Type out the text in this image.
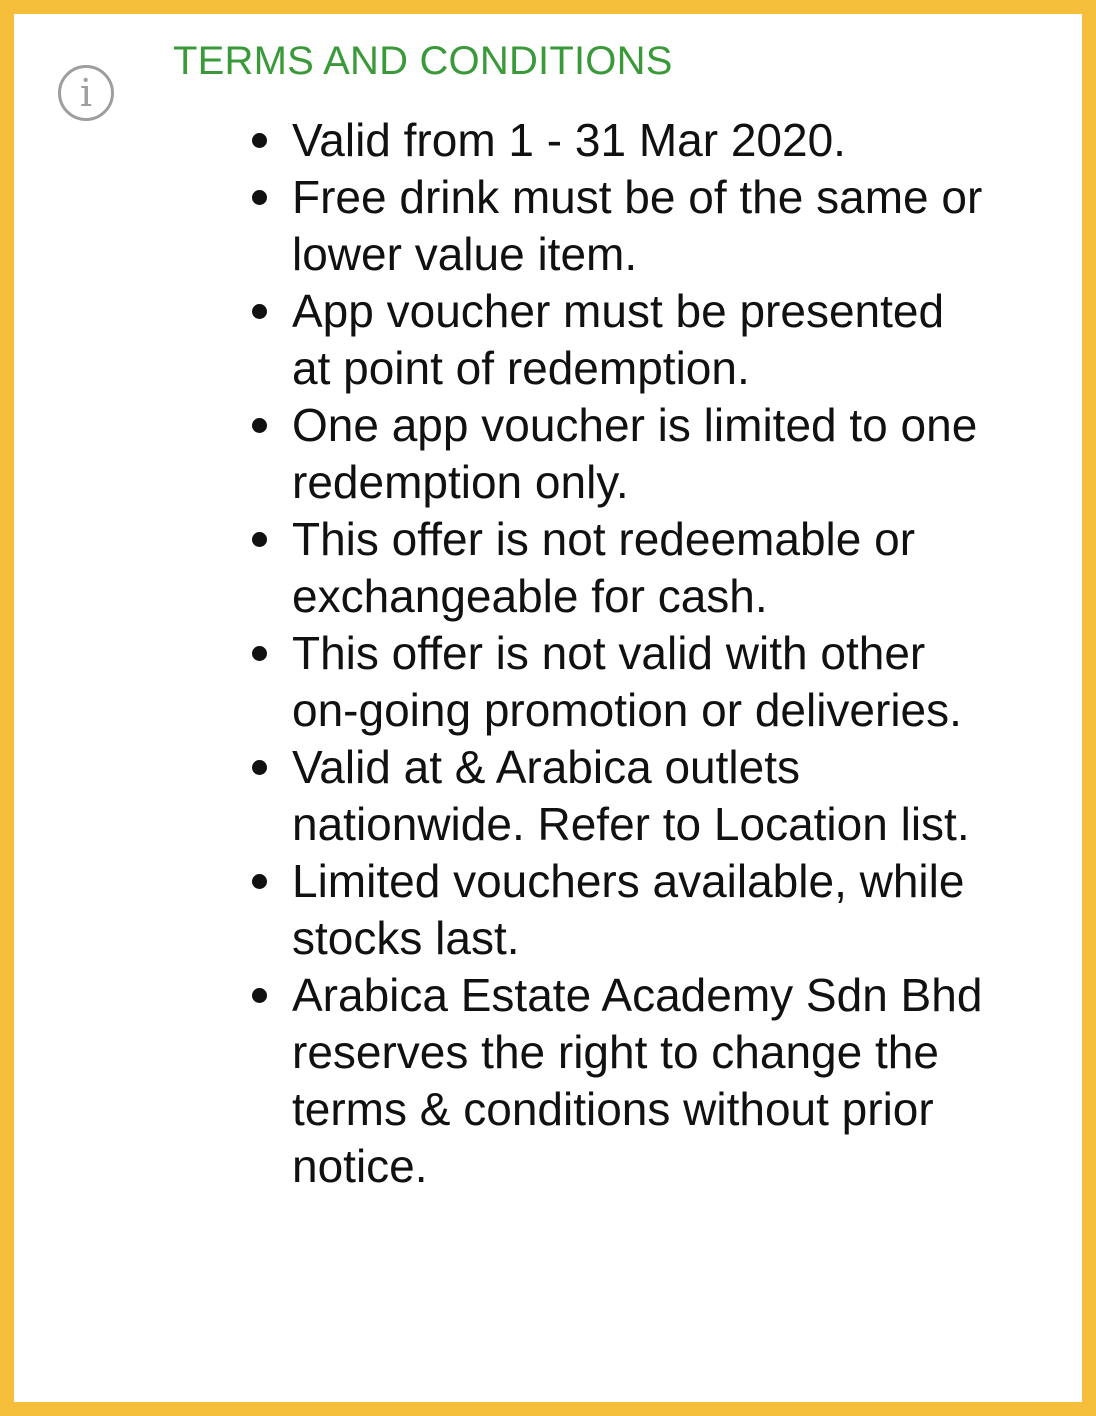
i
TERMS AND CONDITIONS
Valid from 1 - 31 Mar 2020.
Free drink must be of the same or lower value item.
App voucher must be presented at point of redemption.
One app voucher is limited to one redemption only.
This offer is not redeemable or exchangeable for cash.
This offer is not valid with other on-going promotion or deliveries.
Valid at & Arabica outlets nationwide. Refer to Location list.
Limited vouchers available, while stocks last.
Arabica Estate Academy Sdn Bhd reserves the right to change the terms & conditions without prior notice.
